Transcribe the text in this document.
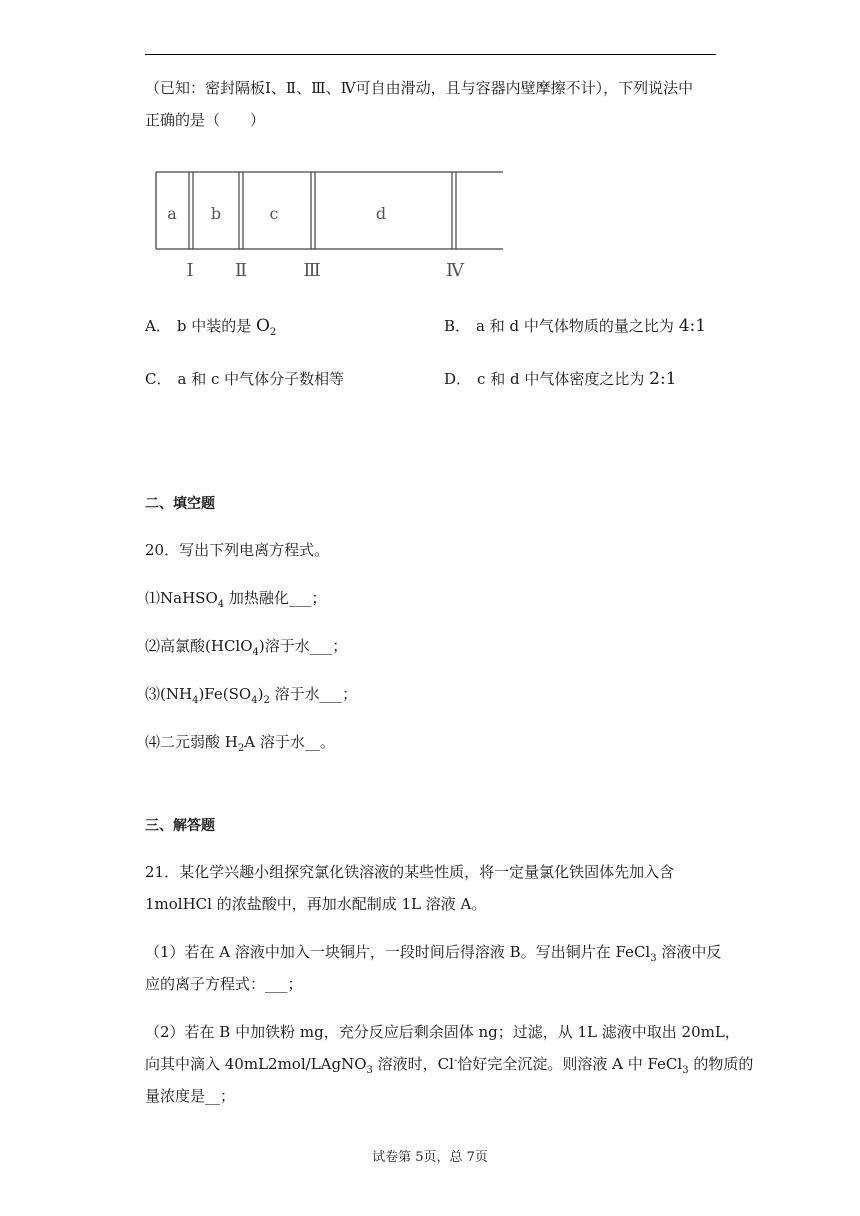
（已知：密封隔板Ⅰ、Ⅱ、Ⅲ、Ⅳ可自由滑动，且与容器内壁摩擦不计），下列说法中
正确的是（　　）
a b	c	d
Ⅰ Ⅱ	Ⅲ	Ⅳ
A． b 中装的是 $O_2$	B． a 和 d 中气体物质的量之比为 4:1
C． a 和 c 中气体分子数相等	D． c 和 d 中气体密度之比为 2:1
二、填空题
20．写出下列电离方程式。
⑴NaHSO$_4$ 加热融化___；
⑵高氯酸(HClO$_4$)溶于水___；
$⑶(NH_4)Fe(SO_4)_2$ 溶于水___；
⑷二元弱酸 $H_2A$ 溶于水__。
三、解答题
21．某化学兴趣小组探究氯化铁溶液的某些性质，将一定量氯化铁固体先加入含
1molHCl 的浓盐酸中，再加水配制成 1L 溶液 A。
（1）若在 A 溶液中加入一块铜片，一段时间后得溶液 B。写出铜片在 FeCl$_3$ 溶液中反
应的离子方程式：___；
（2）若在 B 中加铁粉 mg，充分反应后剩余固体 ng；过滤，从 1L 滤液中取出 20mL，
向其中滴入 40mL2mol/LAgNO$_3$ 溶液时，Cl-恰好完全沉淀。则溶液 A 中 FeCl$_3$ 的物质的
量浓度是__；
试卷第 5页，总 7页
